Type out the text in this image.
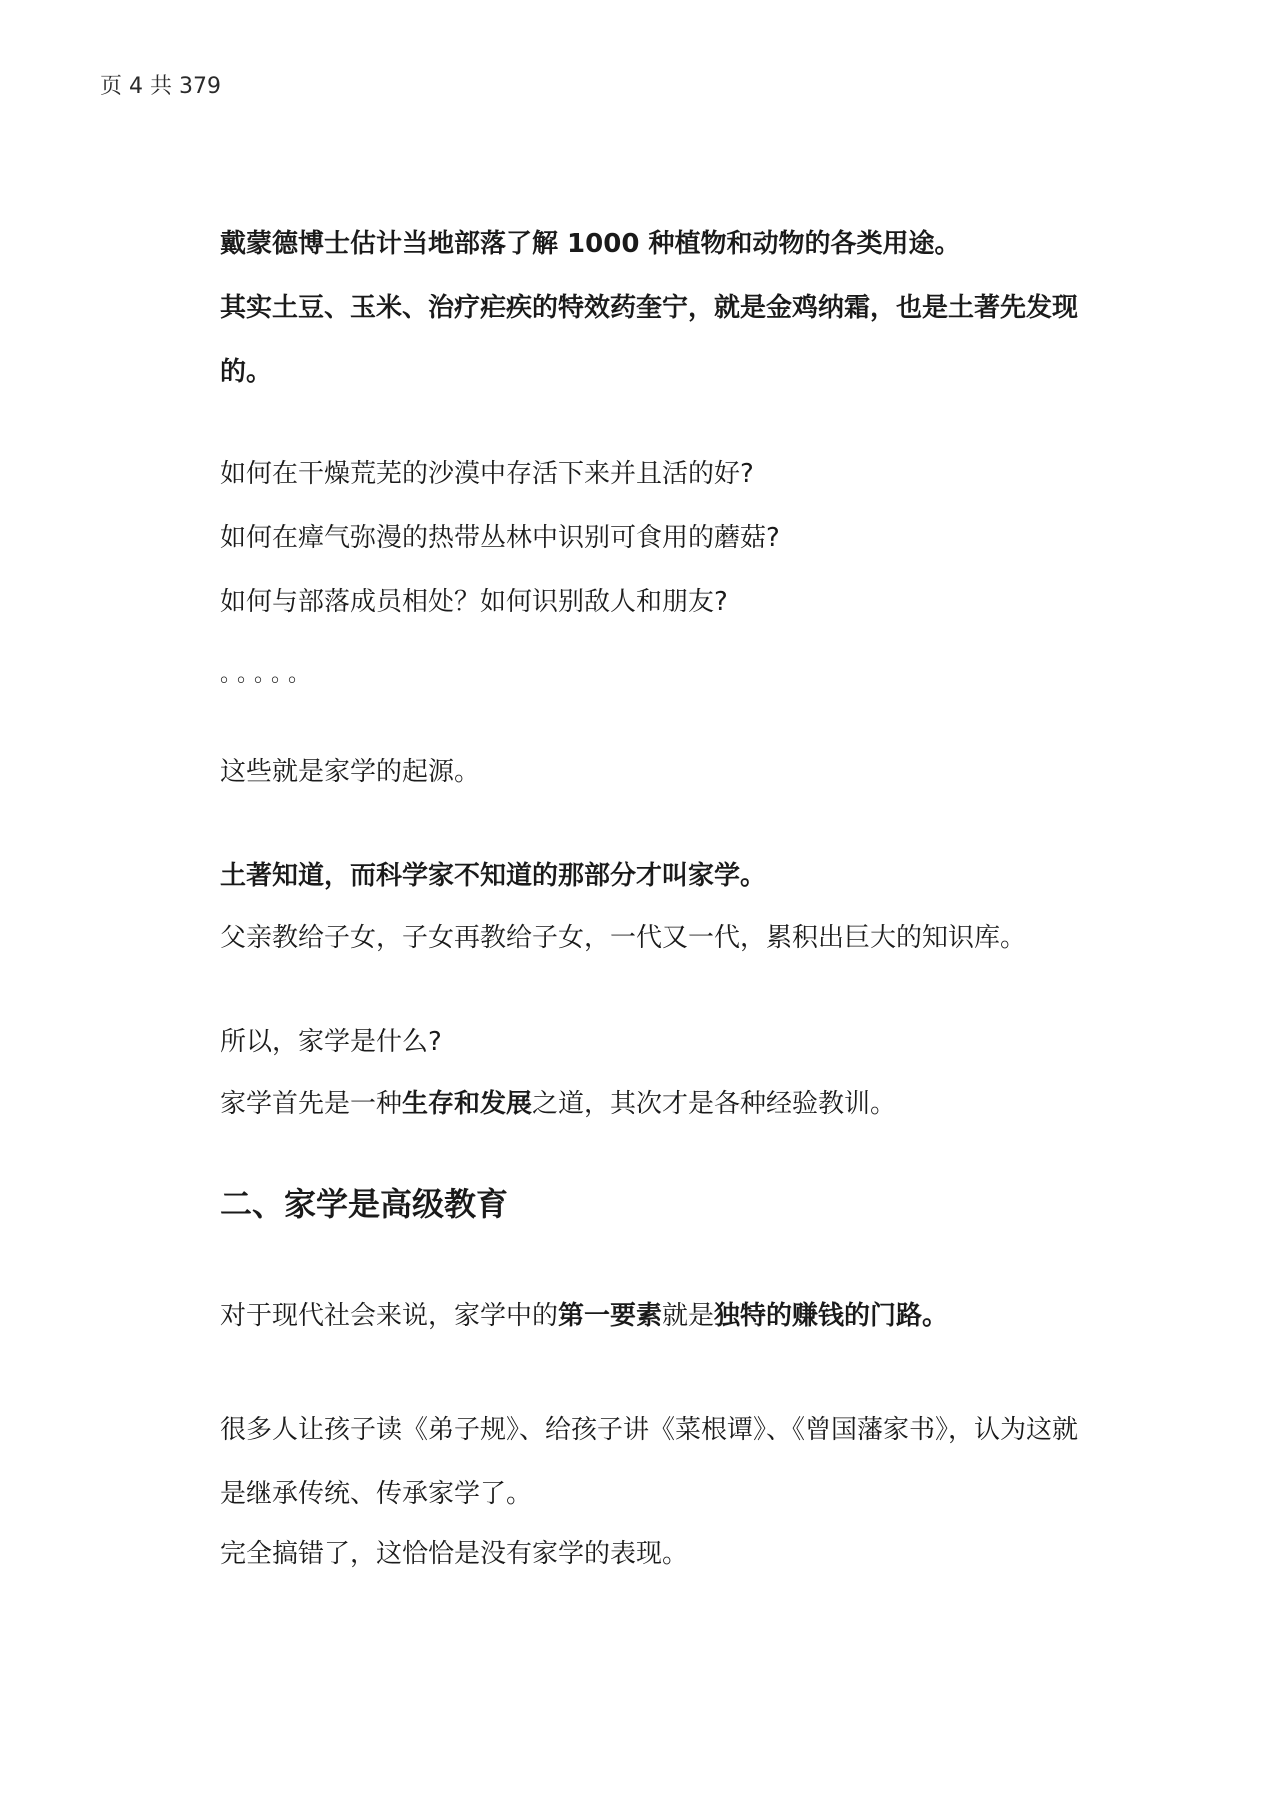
页 4 共 379

戴蒙德博士估计当地部落了解 1000 种植物和动物的各类用途。

其实土豆、玉米、治疗疟疾的特效药奎宁，就是金鸡纳霜，也是土著先发现的。

如何在干燥荒芜的沙漠中存活下来并且活的好?

如何在瘴气弥漫的热带丛林中识别可食用的蘑菇?

如何与部落成员相处？如何识别敌人和朋友?

。。。。。

这些就是家学的起源。

土著知道，而科学家不知道的那部分才叫家学。

父亲教给子女，子女再教给子女，一代又一代，累积出巨大的知识库。

所以，家学是什么?

家学首先是一种生存和发展之道，其次才是各种经验教训。

二、家学是高级教育

对于现代社会来说，家学中的第一要素就是独特的赚钱的门路。

很多人让孩子读《弟子规》、给孩子讲《菜根谭》、《曾国藩家书》，认为这就是继承传统、传承家学了。

完全搞错了，这恰恰是没有家学的表现。
